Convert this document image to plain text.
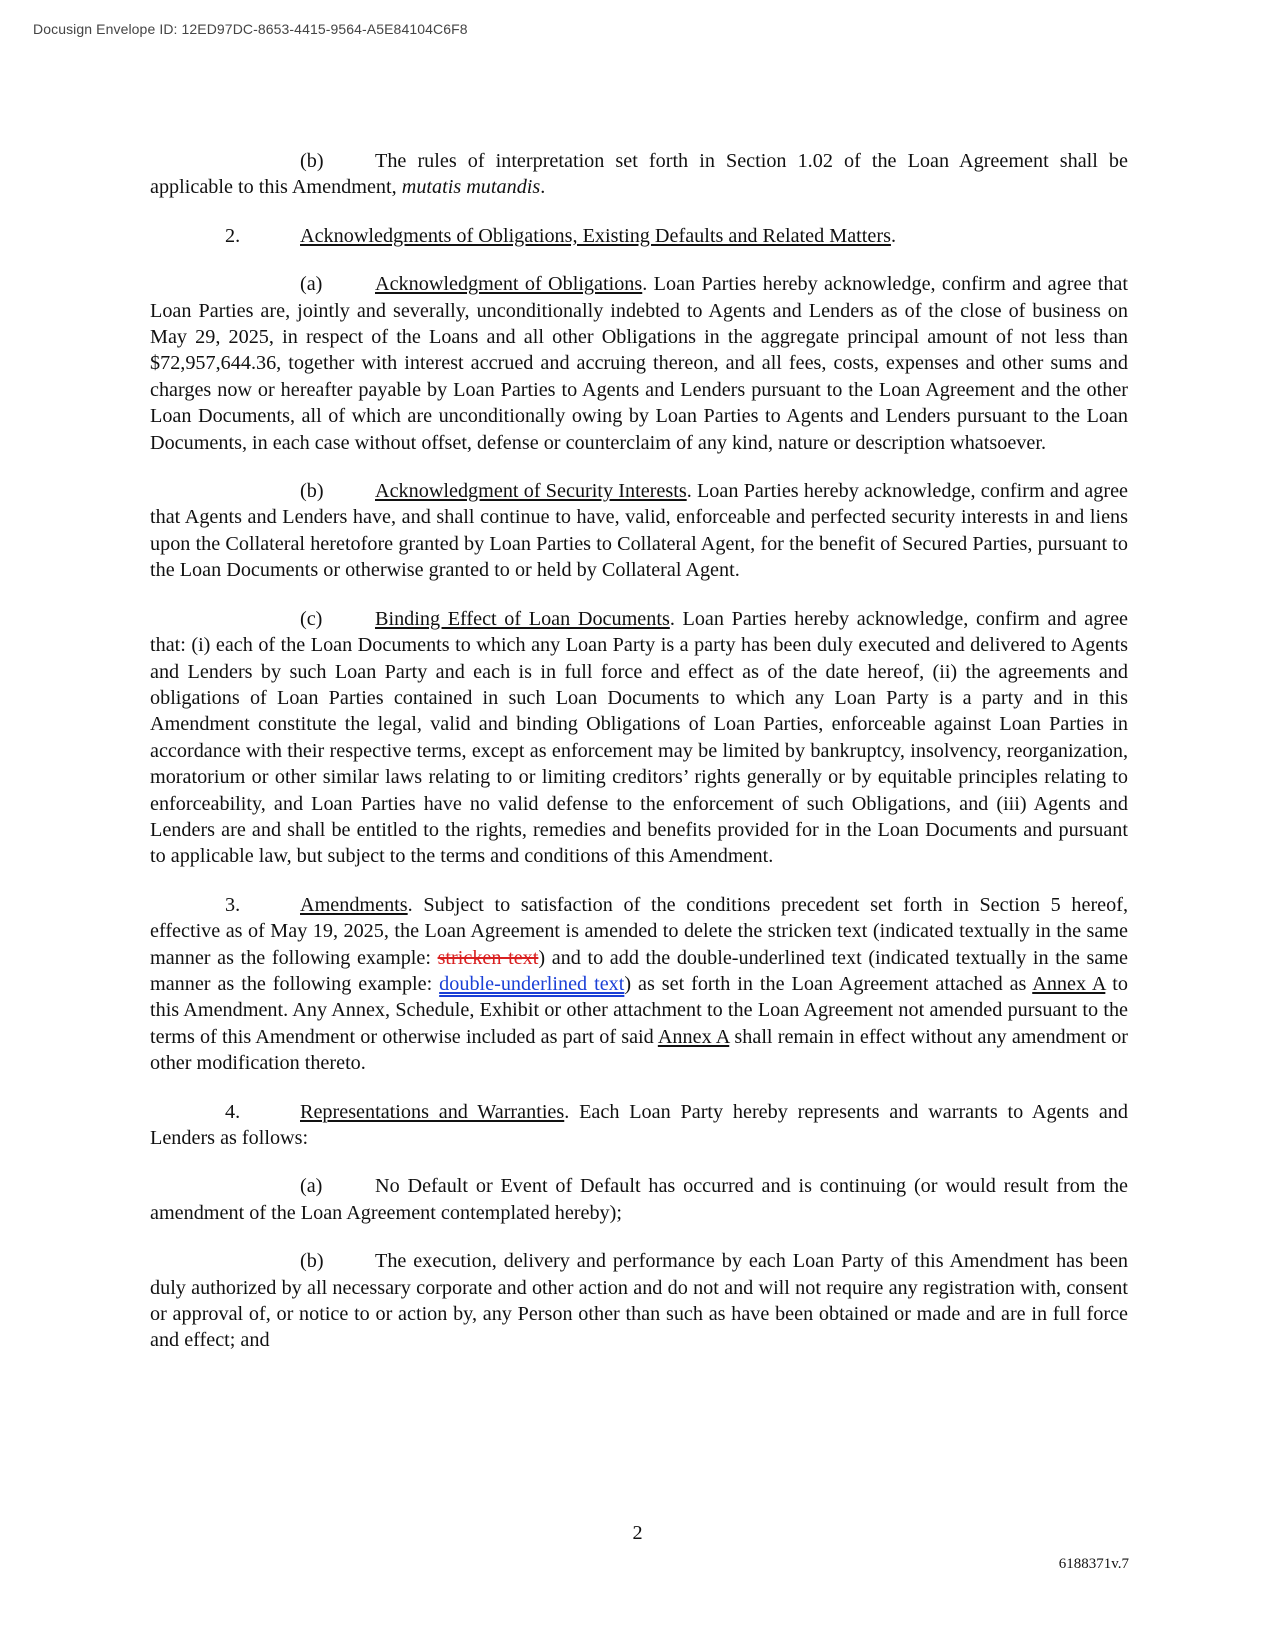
Docusign Envelope ID: 12ED97DC-8653-4415-9564-A5E84104C6F8

(b)	The rules of interpretation set forth in Section 1.02 of the Loan Agreement shall be applicable to this Amendment, mutatis mutandis.

2.	Acknowledgments of Obligations, Existing Defaults and Related Matters.

(a)	Acknowledgment of Obligations. Loan Parties hereby acknowledge, confirm and agree that Loan Parties are, jointly and severally, unconditionally indebted to Agents and Lenders as of the close of business on May 29, 2025, in respect of the Loans and all other Obligations in the aggregate principal amount of not less than $72,957,644.36, together with interest accrued and accruing thereon, and all fees, costs, expenses and other sums and charges now or hereafter payable by Loan Parties to Agents and Lenders pursuant to the Loan Agreement and the other Loan Documents, all of which are unconditionally owing by Loan Parties to Agents and Lenders pursuant to the Loan Documents, in each case without offset, defense or counterclaim of any kind, nature or description whatsoever.

(b)	Acknowledgment of Security Interests. Loan Parties hereby acknowledge, confirm and agree that Agents and Lenders have, and shall continue to have, valid, enforceable and perfected security interests in and liens upon the Collateral heretofore granted by Loan Parties to Collateral Agent, for the benefit of Secured Parties, pursuant to the Loan Documents or otherwise granted to or held by Collateral Agent.

(c)	Binding Effect of Loan Documents. Loan Parties hereby acknowledge, confirm and agree that: (i) each of the Loan Documents to which any Loan Party is a party has been duly executed and delivered to Agents and Lenders by such Loan Party and each is in full force and effect as of the date hereof, (ii) the agreements and obligations of Loan Parties contained in such Loan Documents to which any Loan Party is a party and in this Amendment constitute the legal, valid and binding Obligations of Loan Parties, enforceable against Loan Parties in accordance with their respective terms, except as enforcement may be limited by bankruptcy, insolvency, reorganization, moratorium or other similar laws relating to or limiting creditors’ rights generally or by equitable principles relating to enforceability, and Loan Parties have no valid defense to the enforcement of such Obligations, and (iii) Agents and Lenders are and shall be entitled to the rights, remedies and benefits provided for in the Loan Documents and pursuant to applicable law, but subject to the terms and conditions of this Amendment.

3.	Amendments. Subject to satisfaction of the conditions precedent set forth in Section 5 hereof, effective as of May 19, 2025, the Loan Agreement is amended to delete the stricken text (indicated textually in the same manner as the following example: stricken text) and to add the double-underlined text (indicated textually in the same manner as the following example: double-underlined text) as set forth in the Loan Agreement attached as Annex A to this Amendment. Any Annex, Schedule, Exhibit or other attachment to the Loan Agreement not amended pursuant to the terms of this Amendment or otherwise included as part of said Annex A shall remain in effect without any amendment or other modification thereto.

4.	Representations and Warranties. Each Loan Party hereby represents and warrants to Agents and Lenders as follows:

(a)	No Default or Event of Default has occurred and is continuing (or would result from the amendment of the Loan Agreement contemplated hereby);

(b)	The execution, delivery and performance by each Loan Party of this Amendment has been duly authorized by all necessary corporate and other action and do not and will not require any registration with, consent or approval of, or notice to or action by, any Person other than such as have been obtained or made and are in full force and effect; and

2
6188371v.7
